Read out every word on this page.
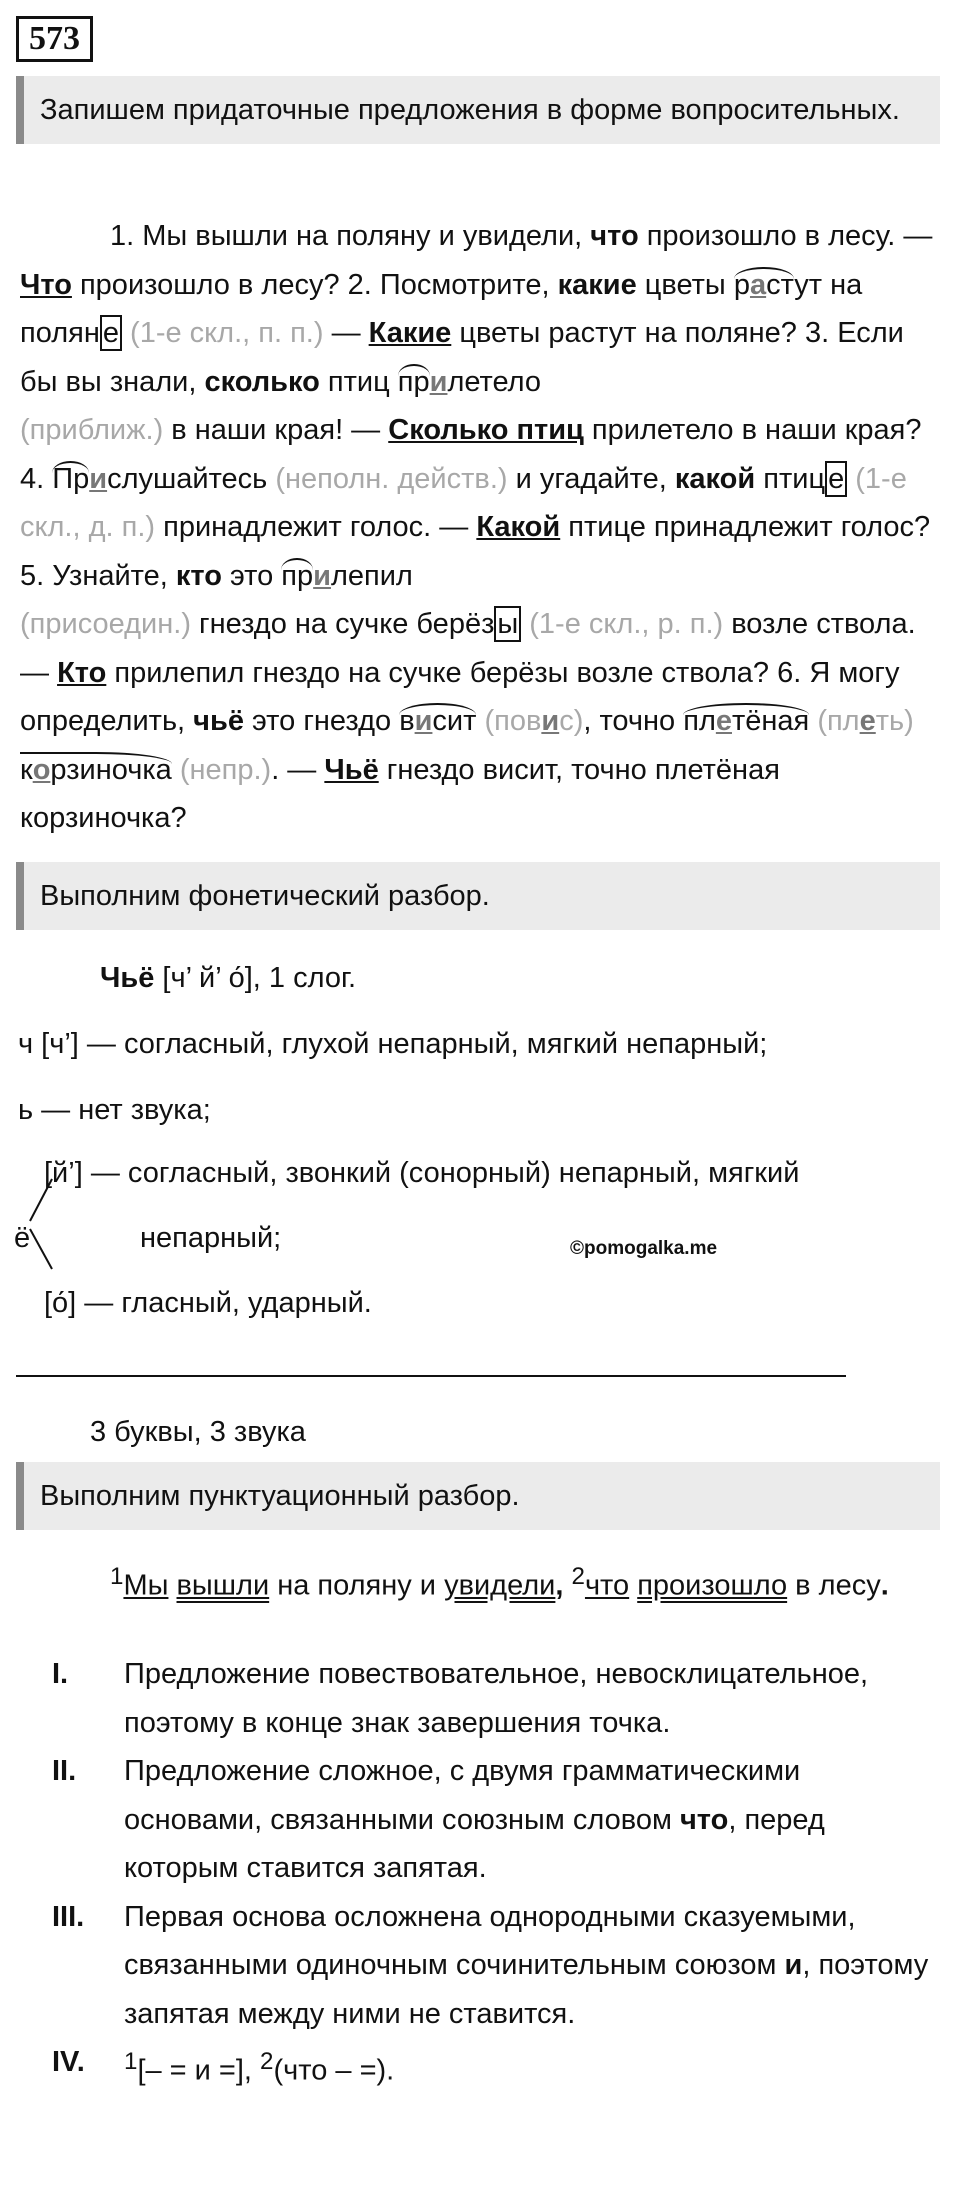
573
Запишем придаточные предложения в форме вопросительных.
1. Мы вышли на поляну и увидели, что произошло в лесу. — Что произошло в лесу? 2. Посмотрите, какие цветы растут на полян е (1-е скл., п. п.) — Какие цветы растут на поляне? 3. Если бы вы знали, сколько птиц прилетело
(приближ.) в наши края! — Сколько птиц прилетело в наши края? 4. Прислушайтесь (неполн. действ.) и угадайте, какой птиц е (1-е скл., д. п.) принадлежит голос. — Какой птице принадлежит голос? 5. Узнайте, кто это прилепил
(присоедин.) гнездо на сучке берёз ы (1-е скл., р. п.) возле ствола. — Кто прилепил гнездо на сучке берёзы возле ствола? 6. Я могу определить, чьё это гнездо висит (повис), точно плетёная (плеть) корзиночка (непр.). — Чьё гнездо висит, точно плетёная корзиночка?
Выполним фонетический разбор.
Чьё [ч’ й’ о́], 1 слог.
ч [ч’] — согласный, глухой непарный, мягкий непарный;
ь — нет звука;
[й’] — согласный, звонкий (сонорный) непарный, мягкий
непарный;
ё	©pomogalka.me
[о́] — гласный, ударный.
3 буквы, 3 звука
Выполним пунктуационный разбор.
$^1$Мы вышли на поляну и увидели, $^2$что произошло в лесу.
I. Предложение повествовательное, невосклицательное, поэтому в конце знак завершения точка.
II. Предложение сложное, с двумя грамматическими основами, связанными союзным словом что, перед которым ставится запятая.
III. Первая основа осложнена однородными сказуемыми, связанными одиночным сочинительным союзом и, поэтому запятая между ними не ставится.
IV. $^1$[– = и =], $^2$(что – =).
